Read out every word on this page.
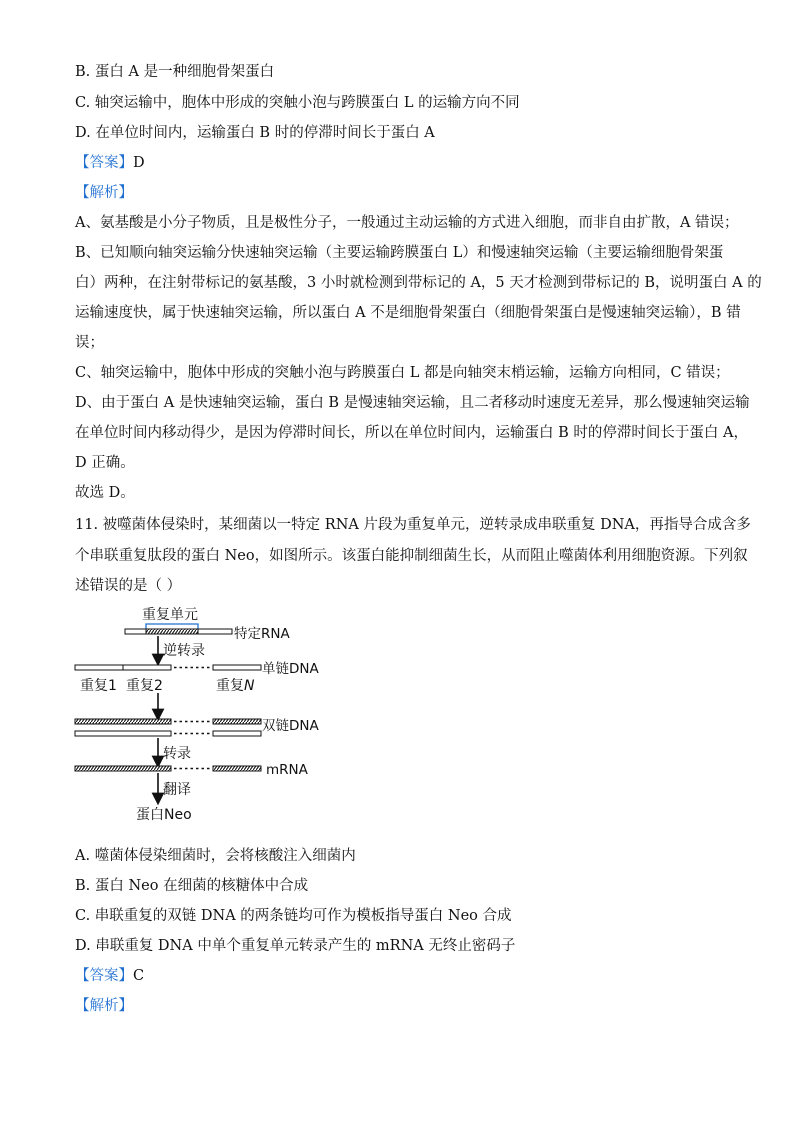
B. 蛋白 A 是一种细胞骨架蛋白
C. 轴突运输中，胞体中形成的突触小泡与跨膜蛋白 L 的运输方向不同
D. 在单位时间内，运输蛋白 B 时的停滞时间长于蛋白 A
【答案】D
【解析】
A、氨基酸是小分子物质，且是极性分子，一般通过主动运输的方式进入细胞，而非自由扩散，A 错误；
B、已知顺向轴突运输分快速轴突运输（主要运输跨膜蛋白 L）和慢速轴突运输（主要运输细胞骨架蛋
白）两种，在注射带标记的氨基酸，3 小时就检测到带标记的 A，5 天才检测到带标记的 B，说明蛋白 A 的
运输速度快，属于快速轴突运输，所以蛋白 A 不是细胞骨架蛋白（细胞骨架蛋白是慢速轴突运输），B 错
误；
C、轴突运输中，胞体中形成的突触小泡与跨膜蛋白 L 都是向轴突末梢运输，运输方向相同，C 错误；
D、由于蛋白 A 是快速轴突运输，蛋白 B 是慢速轴突运输，且二者移动时速度无差异，那么慢速轴突运输
在单位时间内移动得少，是因为停滞时间长，所以在单位时间内，运输蛋白 B 时的停滞时间长于蛋白 A，
D 正确。
故选 D。
11. 被噬菌体侵染时，某细菌以一特定 RNA 片段为重复单元，逆转录成串联重复 DNA，再指导合成含多
个串联重复肽段的蛋白 Neo，如图所示。该蛋白能抑制细菌生长，从而阻止噬菌体利用细胞资源。下列叙
述错误的是（ ）
重复单元
特定RNA
逆转录
单链DNA
重复1 重复2	重复N
双链DNA
转录
mRNA
翻译
蛋白Neo
A. 噬菌体侵染细菌时，会将核酸注入细菌内
B. 蛋白 Neo 在细菌的核糖体中合成
C. 串联重复的双链 DNA 的两条链均可作为模板指导蛋白 Neo 合成
D. 串联重复 DNA 中单个重复单元转录产生的 mRNA 无终止密码子
【答案】C
【解析】
